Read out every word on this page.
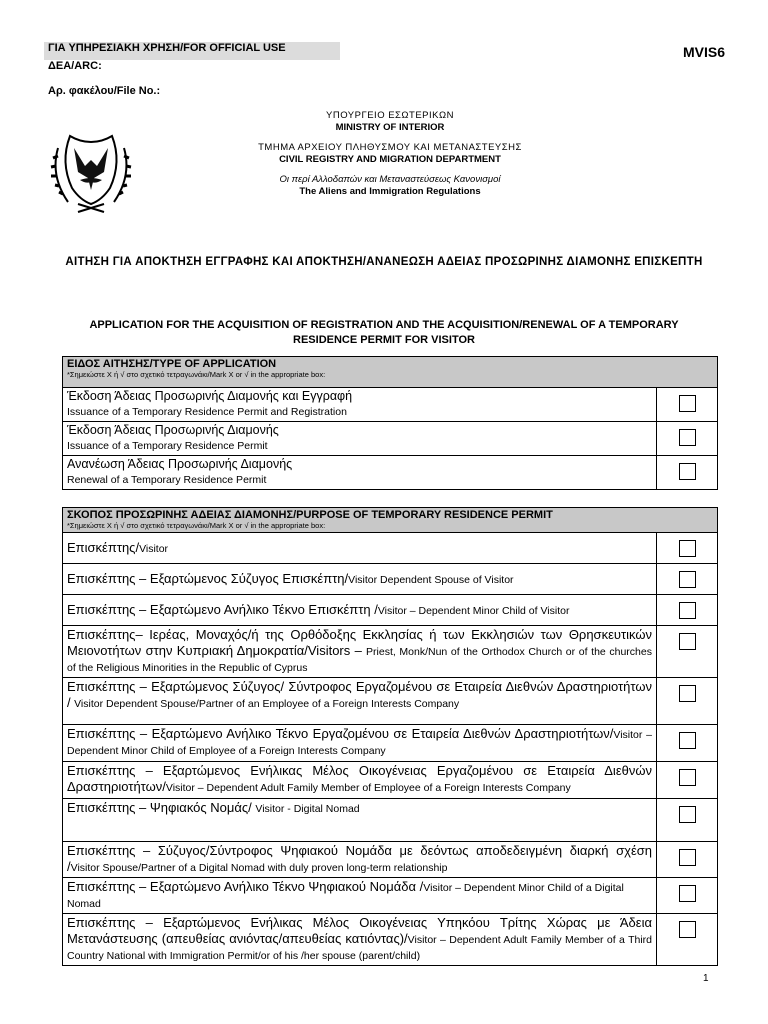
ΓΙΑ ΥΠΗΡΕΣΙΑΚΗ ΧΡΗΣΗ/FOR OFFICIAL USE
ΔΕΑ/ARC:
Αρ. φακέλου/File No.:
MVIS6
ΥΠΟΥΡΓΕΙΟ ΕΣΩΤΕΡΙΚΩΝ
MINISTRY OF INTERIOR
ΤΜΗΜΑ ΑΡΧΕΙΟΥ ΠΛΗΘΥΣΜΟΥ ΚΑΙ ΜΕΤΑΝΑΣΤΕΥΣΗΣ
CIVIL REGISTRY AND MIGRATION DEPARTMENT
Οι περί Αλλοδαπών και Μεταναστεύσεως Κανονισμοί
The Aliens and Immigration Regulations
ΑΙΤΗΣΗ ΓΙΑ ΑΠΟΚΤΗΣΗ ΕΓΓΡΑΦΗΣ ΚΑΙ ΑΠΟΚΤΗΣΗ/ΑΝΑΝΕΩΣΗ ΑΔΕΙΑΣ ΠΡΟΣΩΡΙΝΗΣ ΔΙΑΜΟΝΗΣ ΕΠΙΣΚΕΠΤΗ
APPLICATION FOR THE ACQUISITION OF REGISTRATION AND THE ACQUISITION/RENEWAL OF A TEMPORARY RESIDENCE PERMIT FOR VISITOR
ΕΙΔΟΣ ΑΙΤΗΣΗΣ/TYPE OF APPLICATION
*Σημειώστε Χ ή √ στο σχετικό τετραγωνάκι/Mark X or √ in the appropriate box:	

Έκδοση Άδειας Προσωρινής Διαμονής και Εγγραφή
Issuance of a Temporary Residence Permit and Registration	
Έκδοση Άδειας Προσωρινής Διαμονής
Issuance of a Temporary Residence Permit	
Ανανέωση Άδειας Προσωρινής Διαμονής
Renewal of a Temporary Residence Permit	
ΣΚΟΠΟΣ ΠΡΟΣΩΡΙΝΗΣ ΑΔΕΙΑΣ ΔΙΑΜΟΝΗΣ/PURPOSE OF TEMPORARY RESIDENCE PERMIT
*Σημειώστε Χ ή √ στο σχετικό τετραγωνάκι/Mark X or √ in the appropriate box:	

Επισκέπτης/Visitor	
Επισκέπτης – Εξαρτώμενος Σύζυγος Επισκέπτη/Visitor Dependent Spouse of Visitor	
Επισκέπτης – Εξαρτώμενο Ανήλικο Τέκνο Επισκέπτη /Visitor – Dependent Minor Child of Visitor	
Επισκέπτης– Ιερέας, Μοναχός/ή της Ορθόδοξης Εκκλησίας ή των Εκκλησιών των Θρησκευτικών Μειονοτήτων στην Κυπριακή Δημοκρατία/Visitors – Priest, Monk/Nun of the Orthodox Church or of the churches of the Religious Minorities in the Republic of Cyprus	
Επισκέπτης – Εξαρτώμενος Σύζυγος/ Σύντροφος Εργαζομένου σε Εταιρεία Διεθνών Δραστηριοτήτων / Visitor Dependent Spouse/Partner of an Employee of a Foreign Interests Company	
Επισκέπτης – Εξαρτώμενο Ανήλικο Τέκνο Εργαζομένου σε Εταιρεία Διεθνών Δραστηριοτήτων/Visitor – Dependent Minor Child of Employee of a Foreign Interests Company	
Επισκέπτης – Εξαρτώμενος Ενήλικας Μέλος Οικογένειας Εργαζομένου σε Εταιρεία Διεθνών Δραστηριοτήτων/Visitor – Dependent Adult Family Member of Employee of a Foreign Interests Company	
Επισκέπτης – Ψηφιακός Νομάς/ Visitor - Digital Nomad	
Επισκέπτης – Σύζυγος/Σύντροφος Ψηφιακού Νομάδα με δεόντως αποδεδειγμένη διαρκή σχέση /Visitor Spouse/Partner of a Digital Nomad with duly proven long-term relationship	
Επισκέπτης – Εξαρτώμενο Ανήλικο Τέκνο Ψηφιακού Νομάδα /Visitor – Dependent Minor Child of a Digital Nomad	
Επισκέπτης – Εξαρτώμενος Ενήλικας Μέλος Οικογένειας Υπηκόου Τρίτης Χώρας με Άδεια Μετανάστευσης (απευθείας ανιόντας/απευθείας κατιόντας)/Visitor – Dependent Adult Family Member of a Third Country National with Immigration Permit/or of his /her spouse (parent/child)	
1
